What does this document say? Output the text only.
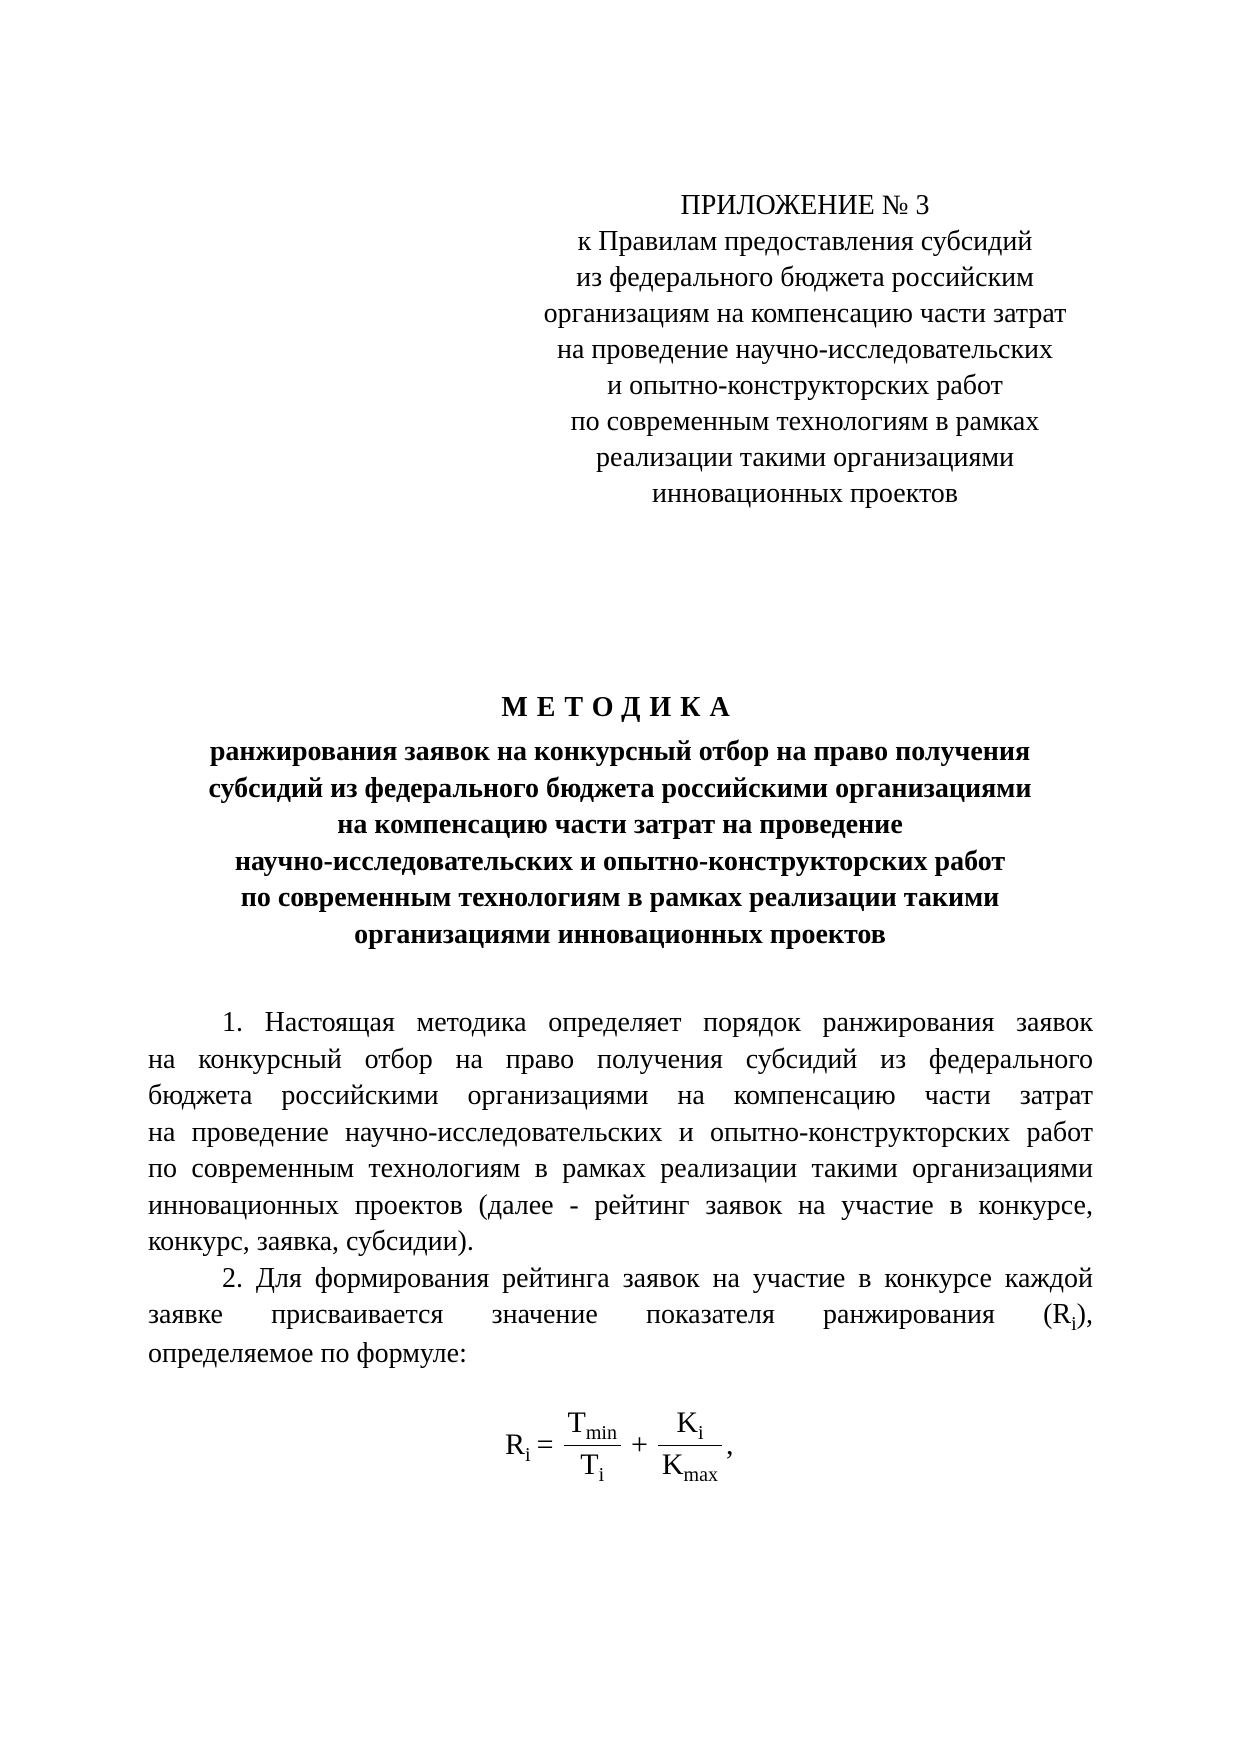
ПРИЛОЖЕНИЕ № 3
к Правилам предоставления субсидий
из федерального бюджета российским
организациям на компенсацию части затрат
на проведение научно-исследовательских
и опытно-конструкторских работ
по современным технологиям в рамках
реализации такими организациями
инновационных проектов
МЕТОДИКА
ранжирования заявок на конкурсный отбор на право получения
субсидий из федерального бюджета российскими организациями
на компенсацию части затрат на проведение
научно-исследовательских и опытно-конструкторских работ
по современным технологиям в рамках реализации такими
организациями инновационных проектов
1. Настоящая методика определяет порядок ранжирования заявок
на конкурсный отбор на право получения субсидий из федерального
бюджета российскими организациями на компенсацию части затрат
на проведение научно-исследовательских и опытно-конструкторских работ
по современным технологиям в рамках реализации такими организациями
инновационных проектов (далее - рейтинг заявок на участие в конкурсе,
конкурс, заявка, субсидии).
2. Для формирования рейтинга заявок на участие в конкурсе каждой
заявке присваивается значение показателя ранжирования $(R_i)$,
определяемое по формуле:
$R_i = \frac{T_{min}}{T_i} + \frac{K_i}{K_{max}}$ ,
